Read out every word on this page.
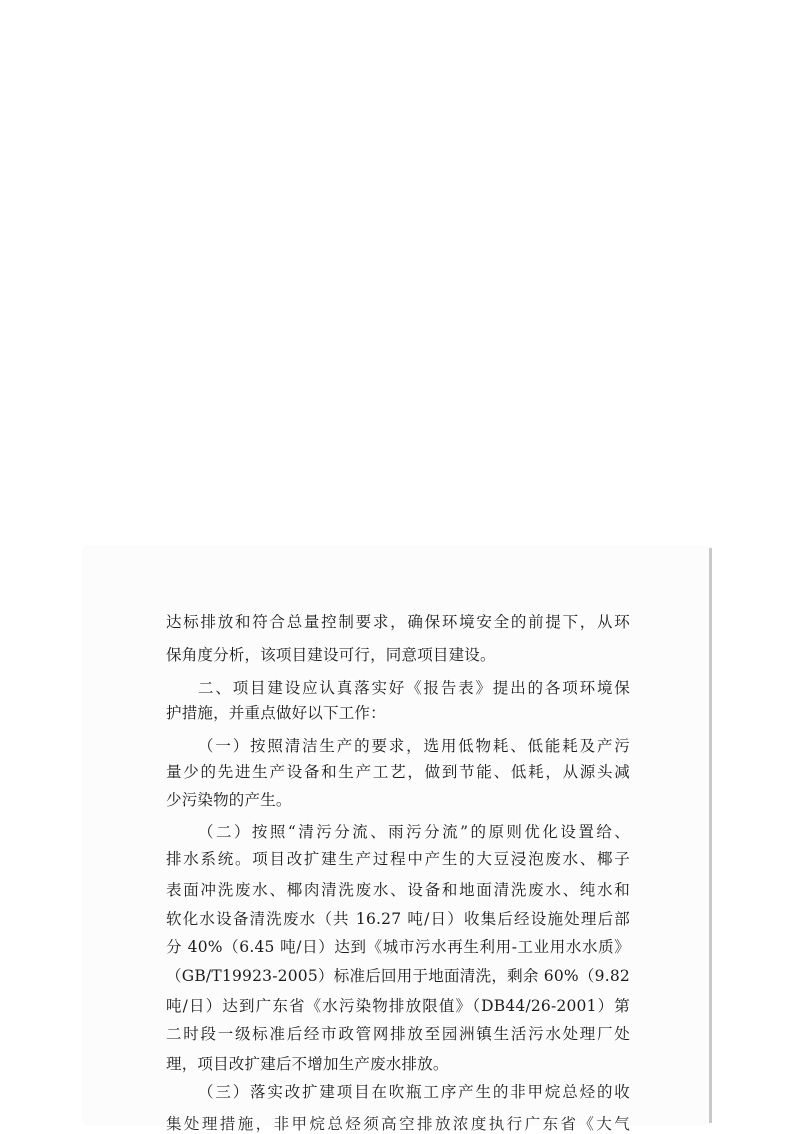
达标排放和符合总量控制要求，确保环境安全的前提下，从环
保角度分析，该项目建设可行，同意项目建设。
二、项目建设应认真落实好《报告表》提出的各项环境保
护措施，并重点做好以下工作：
（一）按照清洁生产的要求，选用低物耗、低能耗及产污
量少的先进生产设备和生产工艺，做到节能、低耗，从源头减
少污染物的产生。
（二）按照“清污分流、雨污分流”的原则优化设置给、
排水系统。项目改扩建生产过程中产生的大豆浸泡废水、椰子
表面冲洗废水、椰肉清洗废水、设备和地面清洗废水、纯水和
软化水设备清洗废水（共 16.27 吨/日）收集后经设施处理后部
分 40%（6.45 吨/日）达到《城市污水再生利用-工业用水水质》
（GB/T19923-2005）标准后回用于地面清洗，剩余 60%（9.82
吨/日）达到广东省《水污染物排放限值》（DB44/26-2001）第
二时段一级标准后经市政管网排放至园洲镇生活污水处理厂处
理，项目改扩建后不增加生产废水排放。
（三）落实改扩建项目在吹瓶工序产生的非甲烷总烃的收
集处理措施，非甲烷总烃须高空排放浓度执行广东省《大气
